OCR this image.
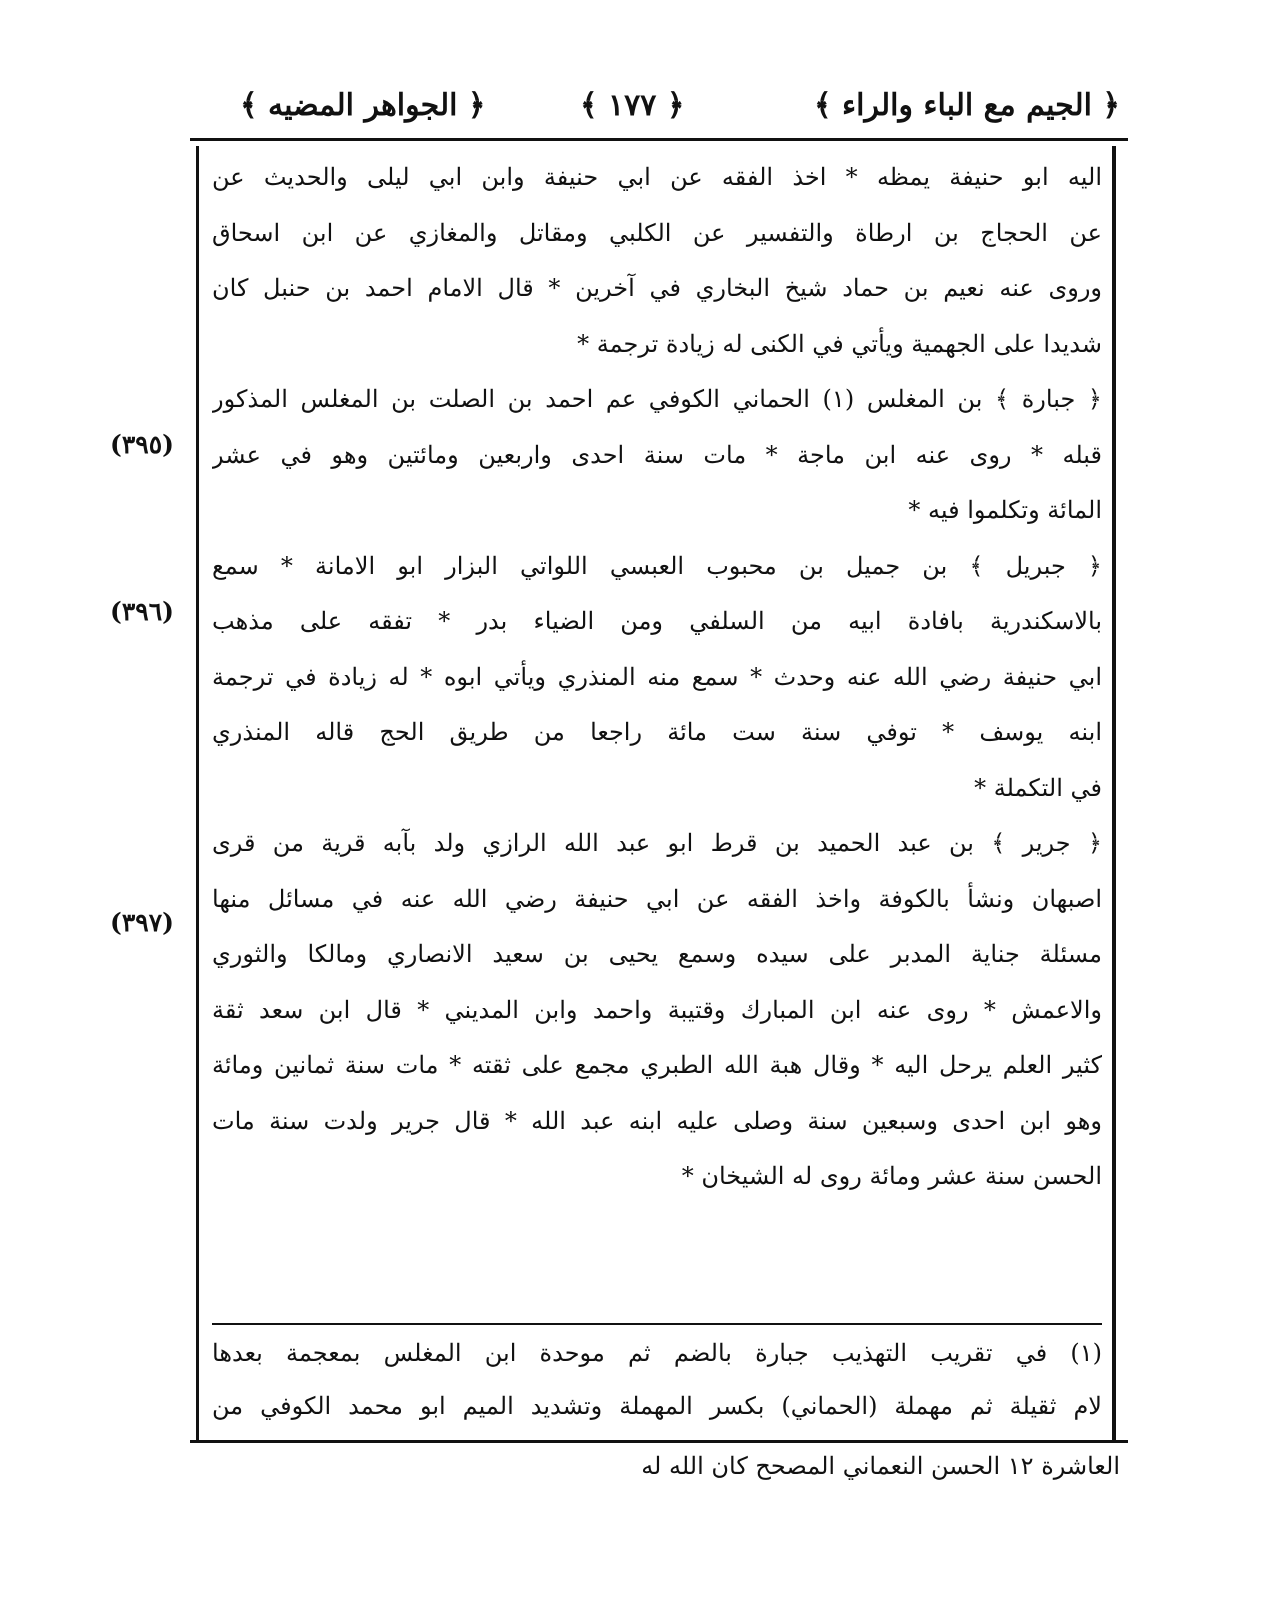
﴿ الجيم مع الباء والراء ﴾
﴿ ١٧٧ ﴾
﴿ الجواهر المضيه ﴾
(٣٩٥)
(٣٩٦)
(٣٩٧)
اليه ابو حنيفة يمظه * اخذ الفقه عن ابي حنيفة وابن ابي ليلى والحديث عن
عن الحجاج بن ارطاة والتفسير عن الكلبي ومقاتل والمغازي عن ابن اسحاق
وروى عنه نعيم بن حماد شيخ البخاري في آخرين * قال الامام احمد بن حنبل كان
شديدا على الجهمية ويأتي في الكنى له زيادة ترجمة *
﴿ جبارة ﴾ بن المغلس (١) الحماني الكوفي عم احمد بن الصلت بن المغلس المذكور
قبله * روى عنه ابن ماجة * مات سنة احدى واربعين ومائتين وهو في عشر
المائة وتكلموا فيه *
﴿ جبريل ﴾ بن جميل بن محبوب العبسي اللواتي البزار ابو الامانة * سمع
بالاسكندرية بافادة ابيه من السلفي ومن الضياء بدر * تفقه على مذهب
ابي حنيفة رضي الله عنه وحدث * سمع منه المنذري ويأتي ابوه * له زيادة في ترجمة
ابنه يوسف * توفي سنة ست مائة راجعا من طريق الحج قاله المنذري
في التكملة *
﴿ جرير ﴾ بن عبد الحميد بن قرط ابو عبد الله الرازي ولد بآبه قرية من قرى
اصبهان ونشأ بالكوفة واخذ الفقه عن ابي حنيفة رضي الله عنه في مسائل منها
مسئلة جناية المدبر على سيده وسمع يحيى بن سعيد الانصاري ومالكا والثوري
والاعمش * روى عنه ابن المبارك وقتيبة واحمد وابن المديني * قال ابن سعد ثقة
كثير العلم يرحل اليه * وقال هبة الله الطبري مجمع على ثقته * مات سنة ثمانين ومائة
وهو ابن احدى وسبعين سنة وصلى عليه ابنه عبد الله * قال جرير ولدت سنة مات
الحسن سنة عشر ومائة روى له الشيخان *
(١) في تقريب التهذيب جبارة بالضم ثم موحدة ابن المغلس بمعجمة بعدها
لام ثقيلة ثم مهملة (الحماني) بكسر المهملة وتشديد الميم ابو محمد الكوفي من
العاشرة ١٢ الحسن النعماني المصحح كان الله له
